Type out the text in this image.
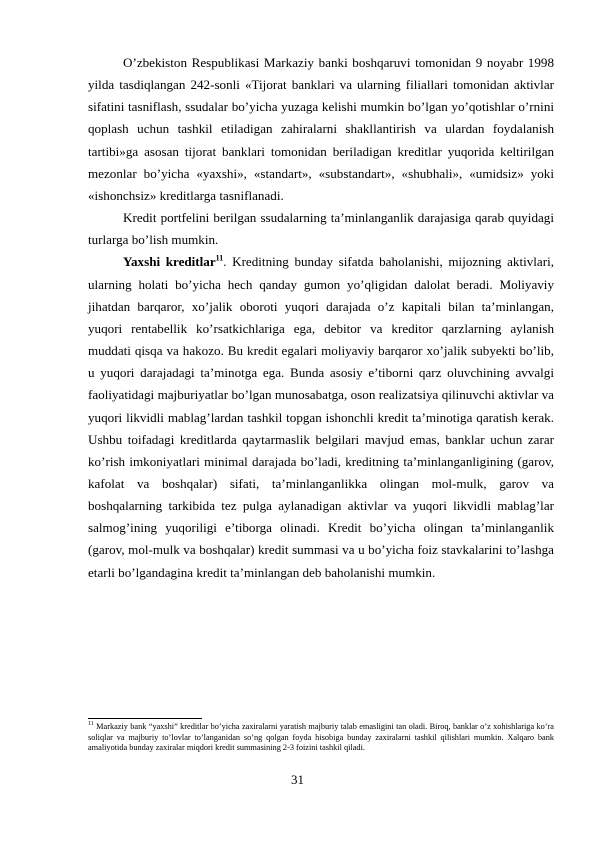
O’zbekiston Respublikasi Markaziy banki boshqaruvi tomonidan 9 noyabr 1998 yilda tasdiqlangan 242-sonli «Tijorat banklari va ularning filiallari tomonidan aktivlar sifatini tasniflash, ssudalar bo’yicha yuzaga kelishi mumkin bo’lgan yo’qotishlar o’rnini qoplash uchun tashkil etiladigan zahiralarni shakllantirish va ulardan foydalanish tartibi»ga asosan tijorat banklari tomonidan beriladigan kreditlar yuqorida keltirilgan mezonlar bo’yicha «yaxshi», «standart», «substandart», «shubhali», «umidsiz» yoki «ishonchsiz» kreditlarga tasniflanadi.

Kredit portfelini berilgan ssudalarning ta’minlanganlik darajasiga qarab quyidagi turlarga bo’lish mumkin.

Yaxshi kreditlar$^{11}$. Kreditning bunday sifatda baholanishi, mijozning aktivlari, ularning holati bo’yicha hech qanday gumon yo’qligidan dalolat beradi. Moliyaviy jihatdan barqaror, xo’jalik oboroti yuqori darajada o’z kapitali bilan ta’minlangan, yuqori rentabellik ko’rsatkichlariga ega, debitor va kreditor qarzlarning aylanish muddati qisqa va hakozo. Bu kredit egalari moliyaviy barqaror xo’jalik subyekti bo’lib, u yuqori darajadagi ta’minotga ega. Bunda asosiy e’tiborni qarz oluvchining avvalgi faoliyatidagi majburiyatlar bo’lgan munosabatga, oson realizatsiya qilinuvchi aktivlar va yuqori likvidli mablag’lardan tashkil topgan ishonchli kredit ta’minotiga qaratish kerak. Ushbu toifadagi kreditlarda qaytarmaslik belgilari mavjud emas, banklar uchun zarar ko’rish imkoniyatlari minimal darajada bo’ladi, kreditning ta’minlanganligining (garov, kafolat va boshqalar) sifati, ta’minlanganlikka olingan mol-mulk, garov va boshqalarning tarkibida tez pulga aylanadigan aktivlar va yuqori likvidli mablag’lar salmog’ining yuqoriligi e’tiborga olinadi. Kredit bo’yicha olingan ta’minlanganlik (garov, mol-mulk va boshqalar) kredit summasi va u bo’yicha foiz stavkalarini to’lashga etarli bo’lgandagina kredit ta’minlangan deb baholanishi mumkin.

$^{11}$ Markaziy bank “yaxshi” kreditlar bo’yicha zaxiralarni yaratish majburiy talab emasligini tan oladi. Biroq, banklar o’z xohishlariga ko’ra soliqlar va majburiy to’lovlar to’langanidan so’ng qolgan foyda hisobiga bunday zaxiralarni tashkil qilishlari mumkin. Xalqaro bank amaliyotida bunday zaxiralar miqdori kredit summasining 2-3 foizini tashkil qiladi.

31
